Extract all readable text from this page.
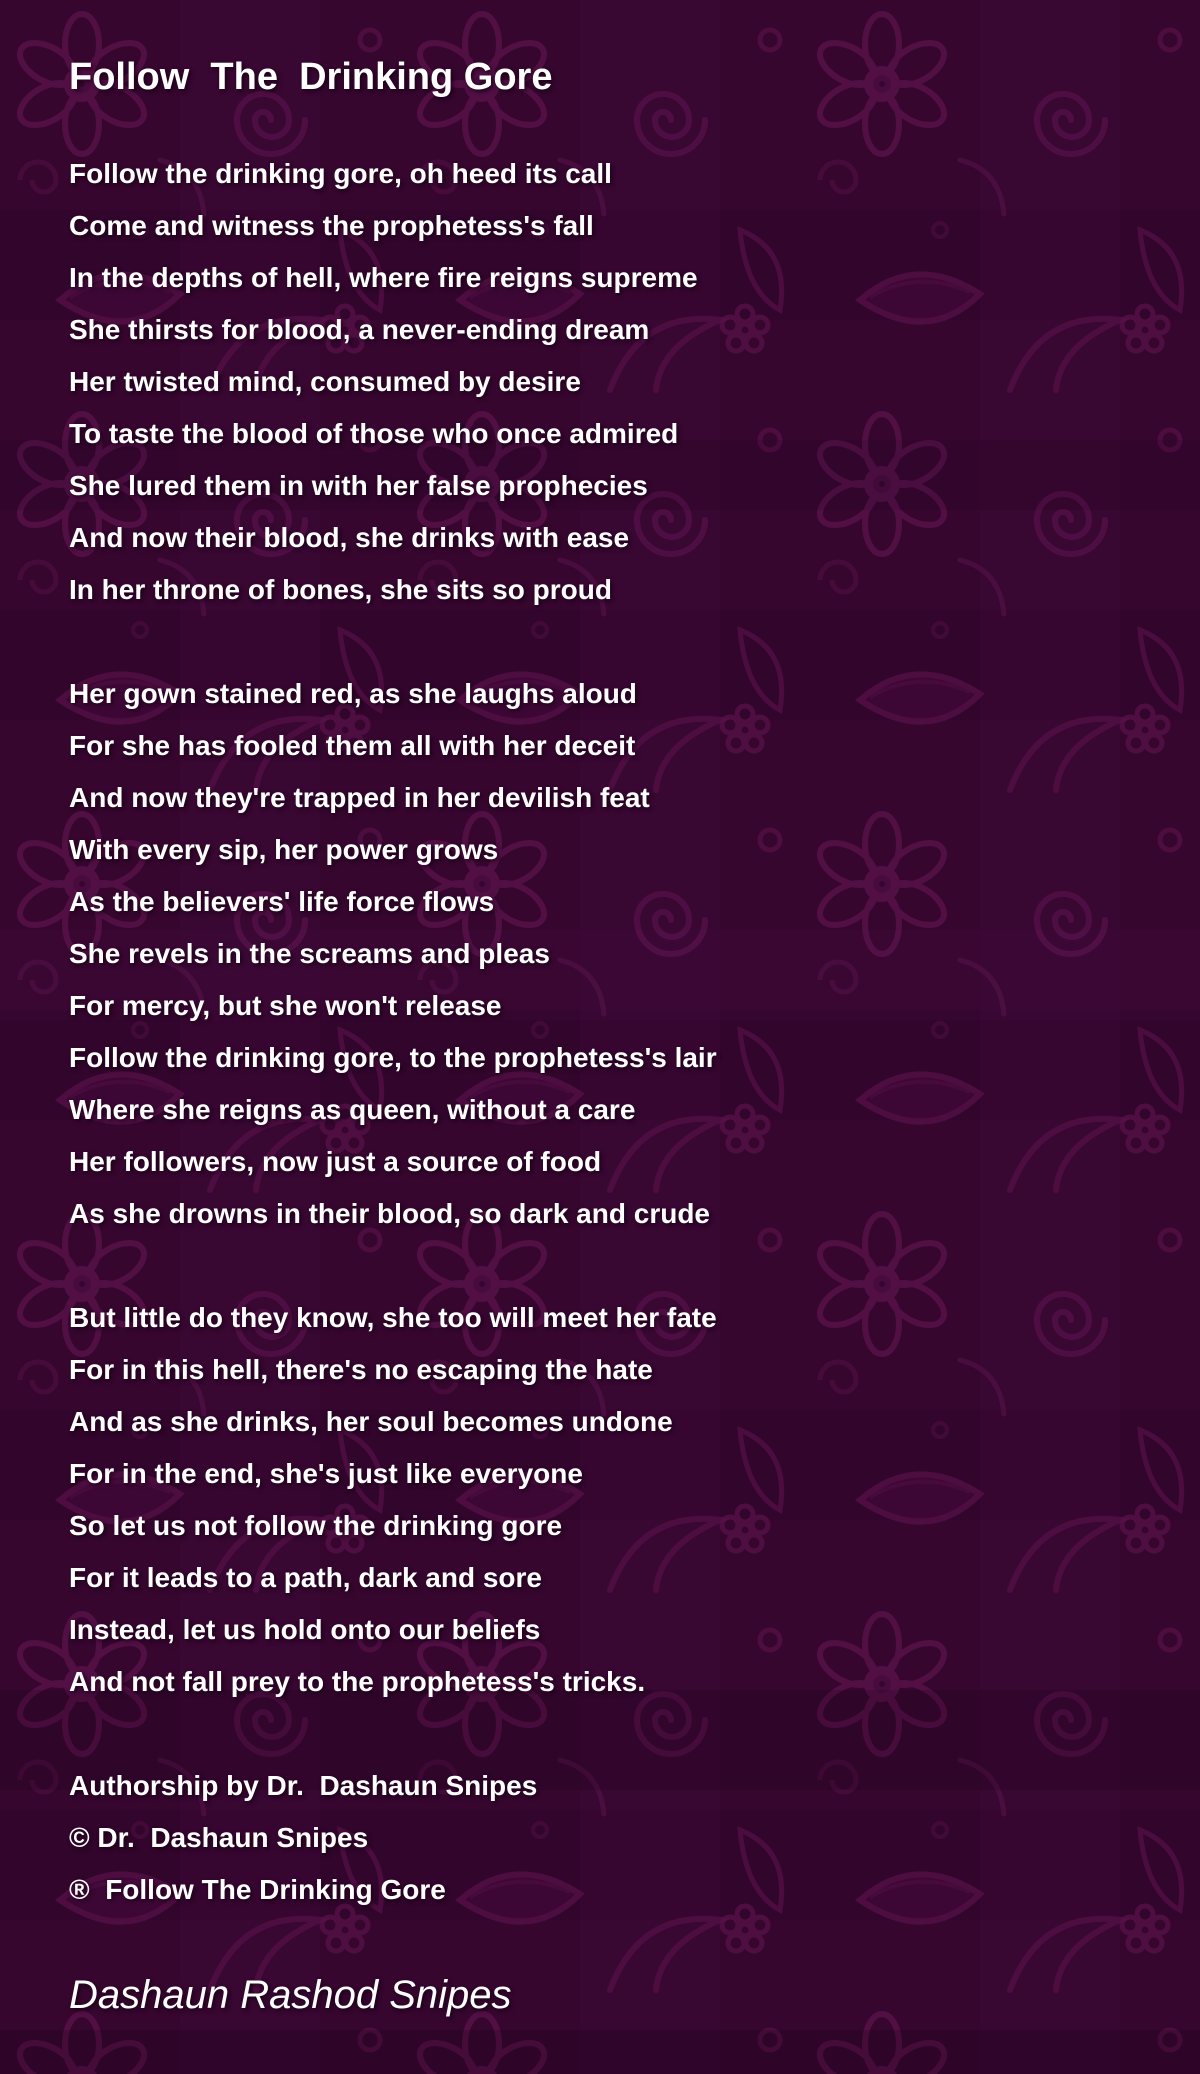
Follow  The  Drinking Gore
Follow the drinking gore, oh heed its call
Come and witness the prophetess's fall
In the depths of hell, where fire reigns supreme
She thirsts for blood, a never-ending dream
Her twisted mind, consumed by desire
To taste the blood of those who once admired
She lured them in with her false prophecies
And now their blood, she drinks with ease
In her throne of bones, she sits so proud
Her gown stained red, as she laughs aloud
For she has fooled them all with her deceit
And now they're trapped in her devilish feat
With every sip, her power grows
As the believers' life force flows
She revels in the screams and pleas
For mercy, but she won't release
Follow the drinking gore, to the prophetess's lair
Where she reigns as queen, without a care
Her followers, now just a source of food
As she drowns in their blood, so dark and crude
But little do they know, she too will meet her fate
For in this hell, there's no escaping the hate
And as she drinks, her soul becomes undone
For in the end, she's just like everyone
So let us not follow the drinking gore
For it leads to a path, dark and sore
Instead, let us hold onto our beliefs
And not fall prey to the prophetess's tricks.
Authorship by Dr.  Dashaun Snipes
© Dr.  Dashaun Snipes
®  Follow The Drinking Gore
Dashaun Rashod Snipes
